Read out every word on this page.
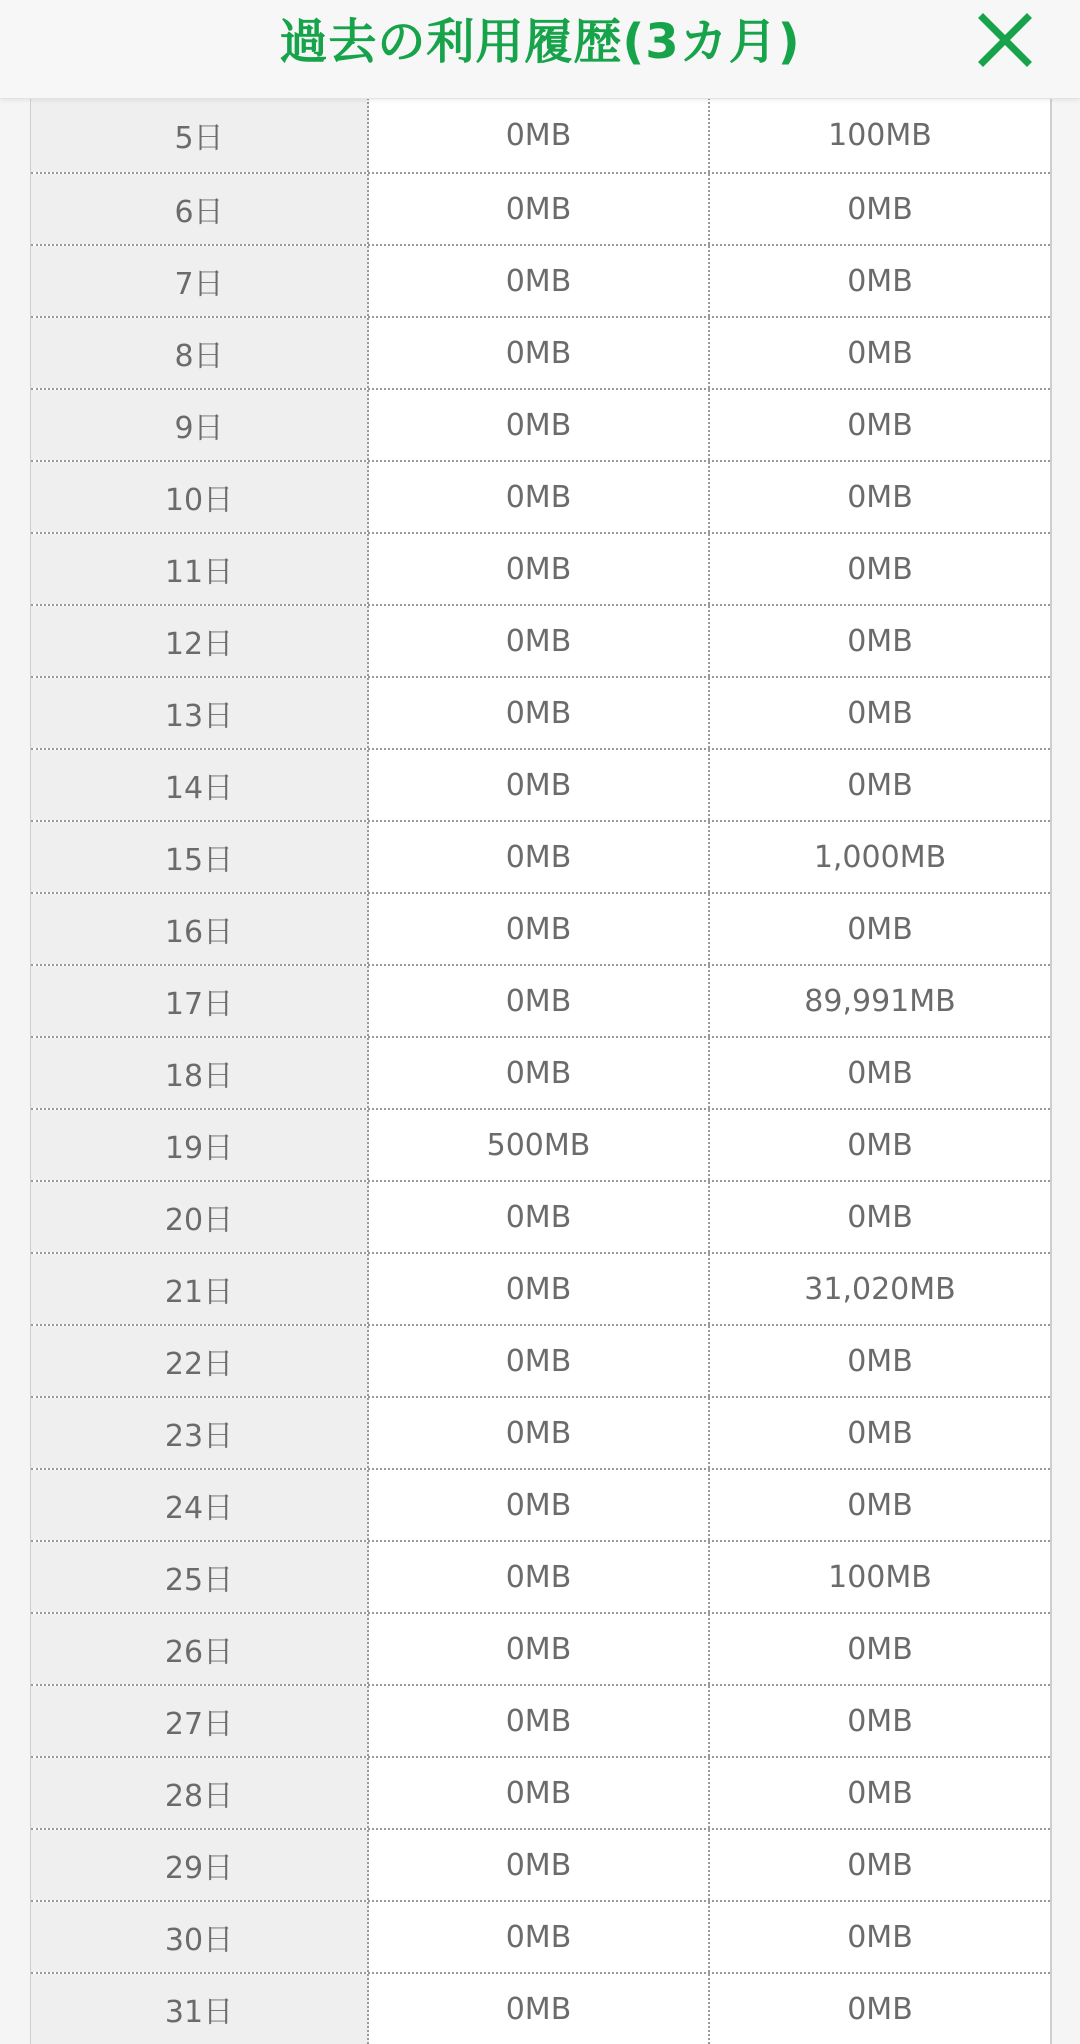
過去の利用履歴(3カ月)
5日	0MB	100MB
6日	0MB	0MB
7日	0MB	0MB
8日	0MB	0MB
9日	0MB	0MB
10日	0MB	0MB
11日	0MB	0MB
12日	0MB	0MB
13日	0MB	0MB
14日	0MB	0MB
15日	0MB	1,000MB
16日	0MB	0MB
17日	0MB	89,991MB
18日	0MB	0MB
19日	500MB	0MB
20日	0MB	0MB
21日	0MB	31,020MB
22日	0MB	0MB
23日	0MB	0MB
24日	0MB	0MB
25日	0MB	100MB
26日	0MB	0MB
27日	0MB	0MB
28日	0MB	0MB
29日	0MB	0MB
30日	0MB	0MB
31日	0MB	0MB
